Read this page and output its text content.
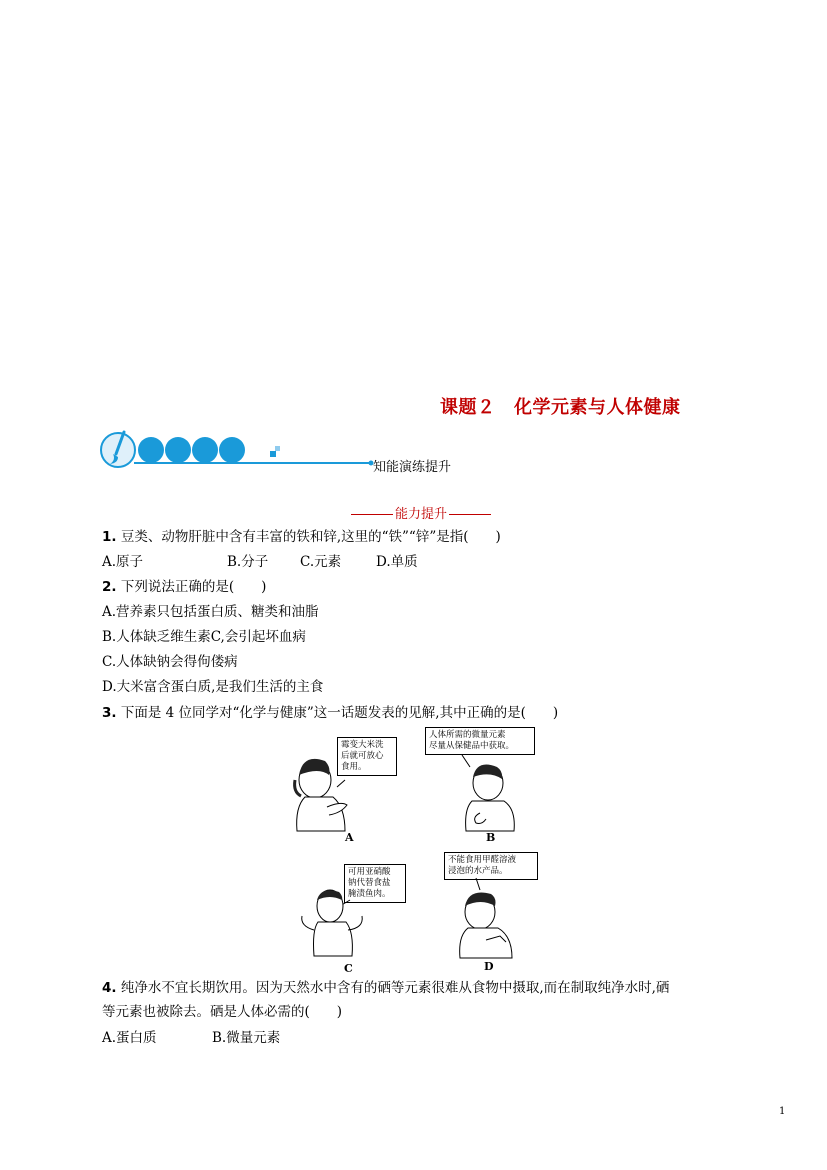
课题２　化学元素与人体健康
知能演练提升
能力提升
1. 豆类、动物肝脏中含有丰富的铁和锌,这里的“铁”“锌”是指(　　)
A.原子	B.分子 C.元素	D.单质
2. 下列说法正确的是(　　)
A.营养素只包括蛋白质、糖类和油脂
B.人体缺乏维生素C,会引起坏血病
C.人体缺钠会得佝偻病
D.大米富含蛋白质,是我们生活的主食
3. 下面是 4 位同学对“化学与健康”这一话题发表的见解,其中正确的是(　　)
霉变大米洗
后就可放心
食用。
A
人体所需的微量元素
尽量从保健品中获取。
B
可用亚硝酸
钠代替食盐
腌渍鱼肉。
C
不能食用甲醛溶液
浸泡的水产品。
D
4. 纯净水不宜长期饮用。因为天然水中含有的硒等元素很难从食物中摄取,而在制取纯净水时,硒
等元素也被除去。硒是人体必需的(　　)
A.蛋白质	B.微量元素
1
